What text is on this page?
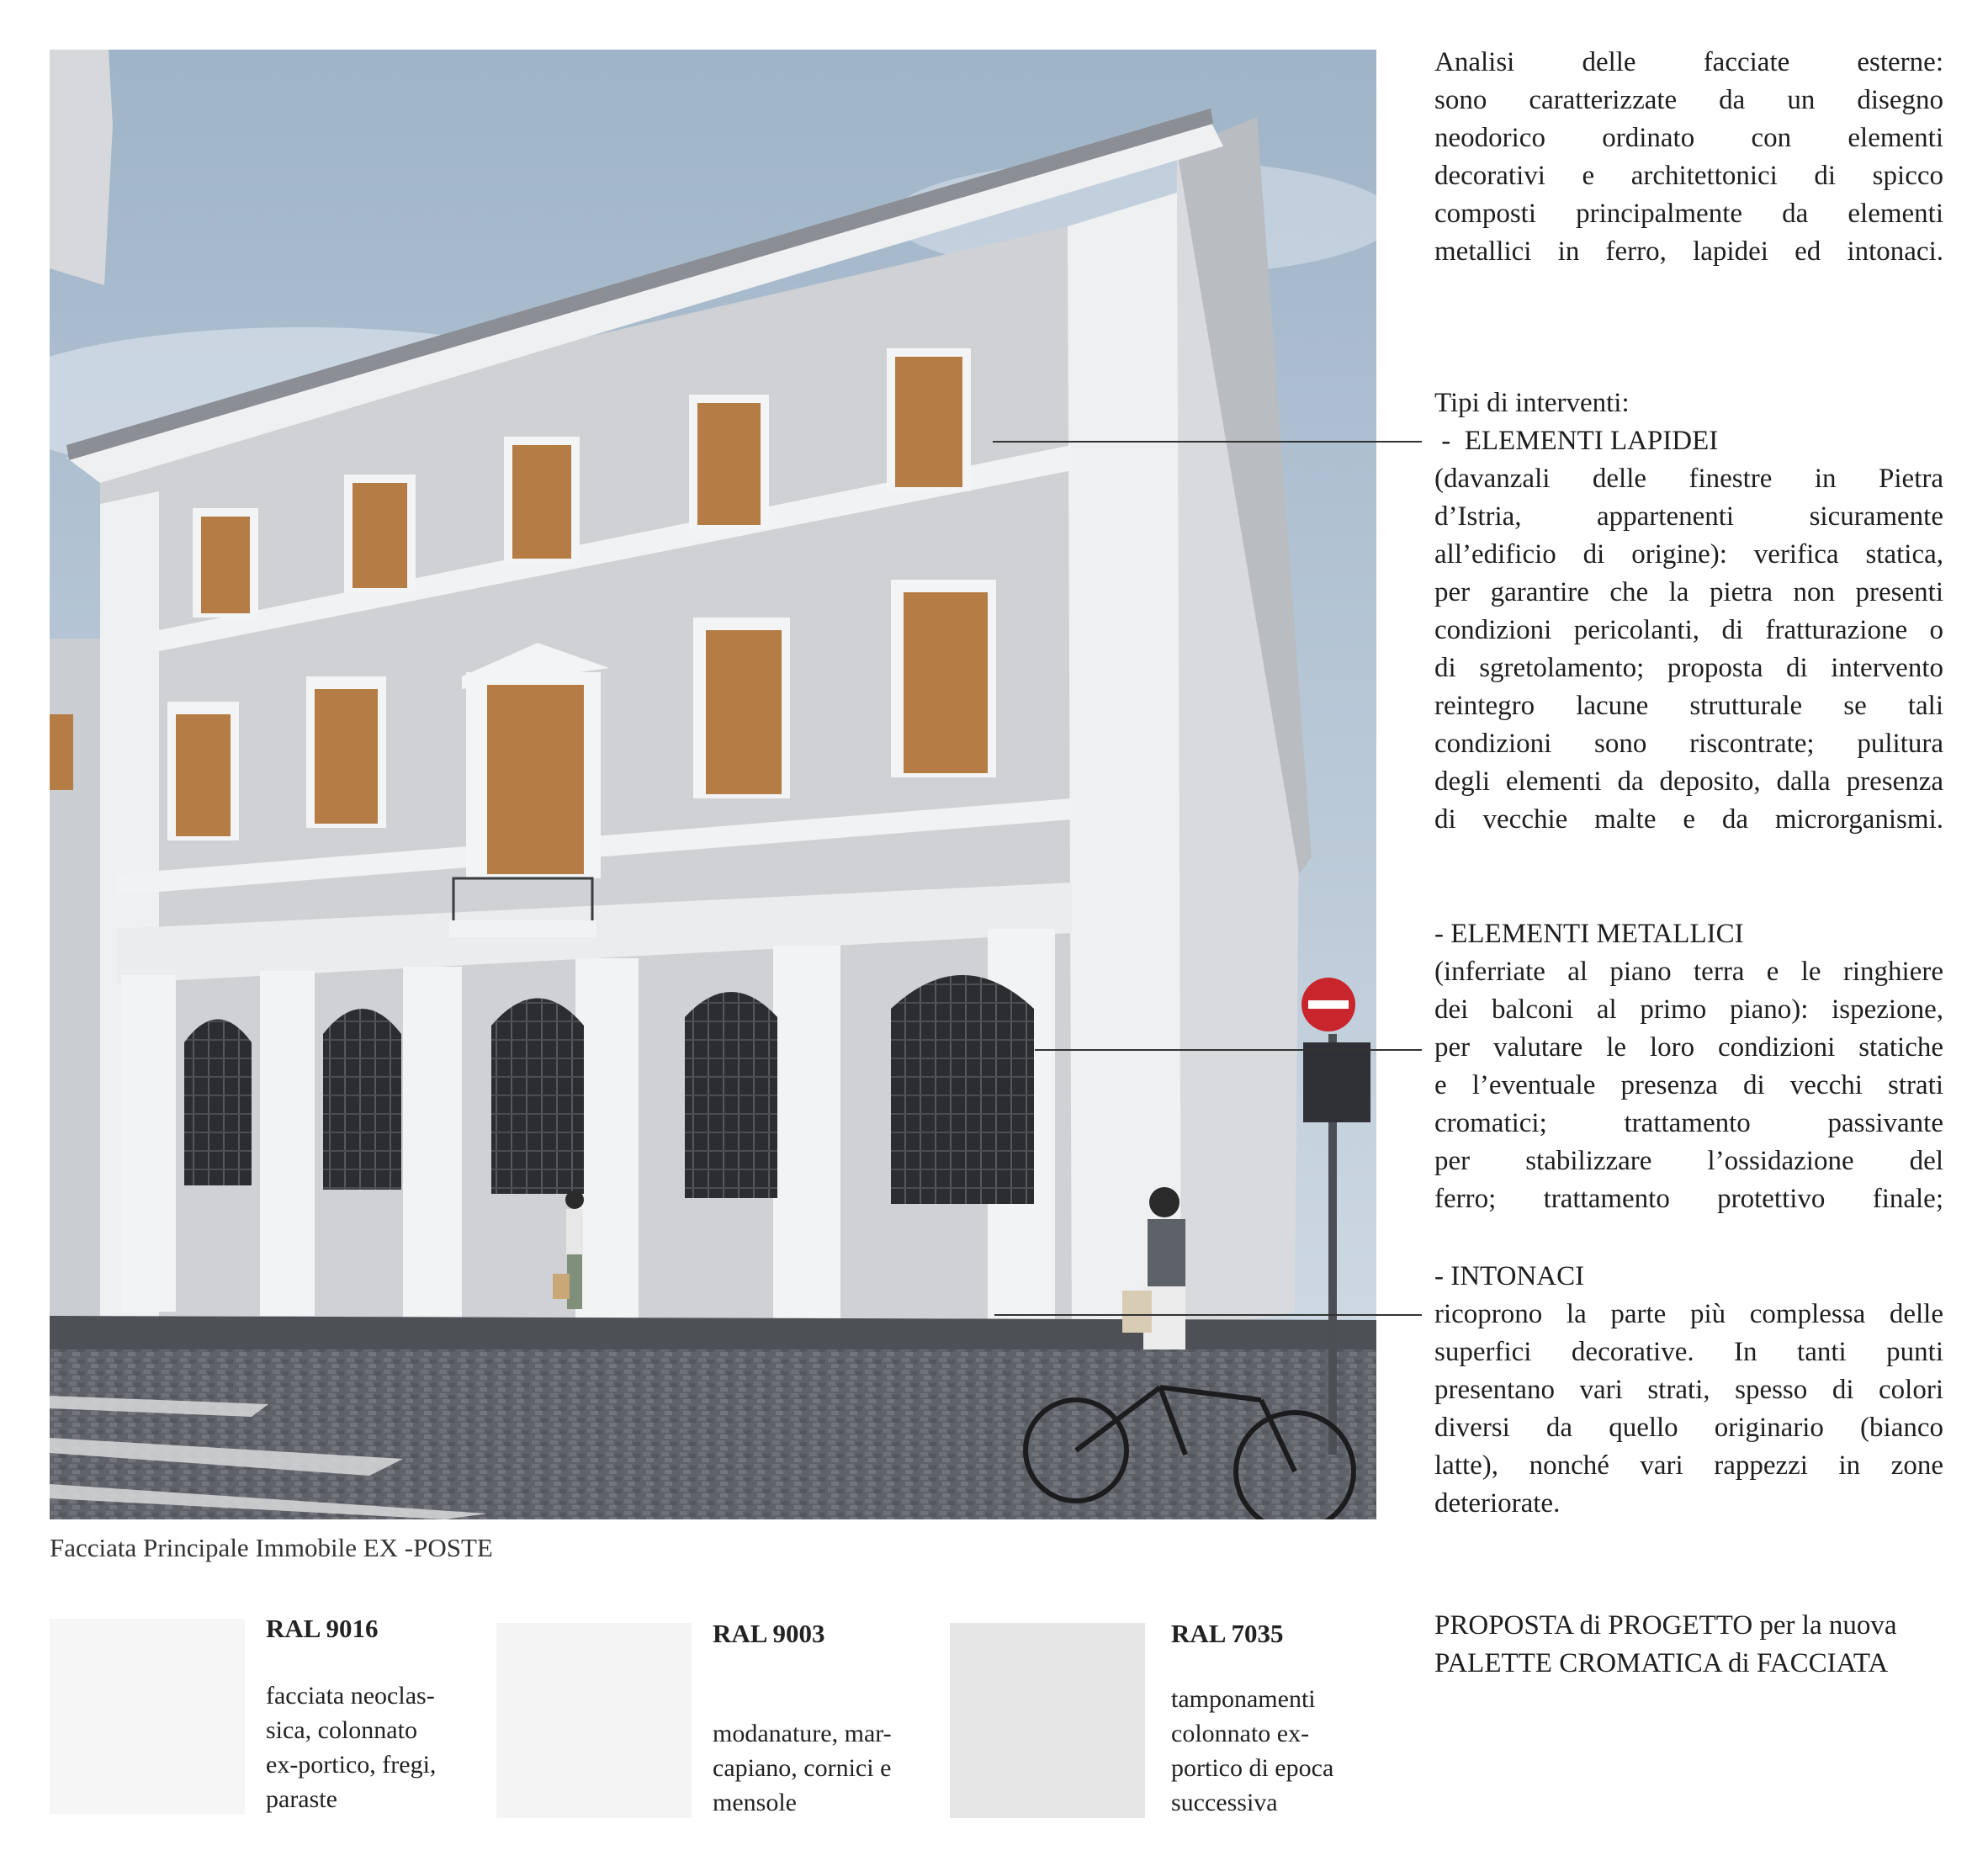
Facciata Principale Immobile EX -POSTE

Analisi delle facciate esterne:

sono caratterizzate da un disegno

neodorico ordinato con elementi

decorativi e architettonici di spicco

composti principalmente da elementi

metallici in ferro, lapidei ed intonaci.

Tipi di interventi:

-  ELEMENTI LAPIDEI

(davanzali delle finestre in Pietra

d’Istria, appartenenti sicuramente

all’edificio di origine): verifica statica,

per garantire che la pietra non presenti

condizioni pericolanti, di fratturazione o

di sgretolamento; proposta di intervento

reintegro lacune strutturale se tali

condizioni sono riscontrate; pulitura

degli elementi da deposito, dalla presenza

di vecchie malte e da microrganismi.

- ELEMENTI METALLICI

(inferriate al piano terra e le ringhiere

dei balconi al primo piano): ispezione,

per valutare le loro condizioni statiche

e l’eventuale presenza di vecchi strati

cromatici; trattamento passivante

per stabilizzare l’ossidazione del

ferro; trattamento protettivo finale;

- INTONACI

ricoprono la parte più complessa delle

superfici decorative. In tanti punti

presentano vari strati, spesso di colori

diversi da quello originario (bianco

latte), nonché vari rappezzi in zone

deteriorate.

RAL 9016
facciata neoclas-
sica, colonnato
ex-portico, fregi,
paraste
RAL 9003
modanature, mar-
capiano, cornici e
mensole
RAL 7035
tamponamenti
colonnato ex-
portico di epoca
successiva
PROPOSTA di PROGETTO per la nuova
PALETTE CROMATICA di FACCIATA
